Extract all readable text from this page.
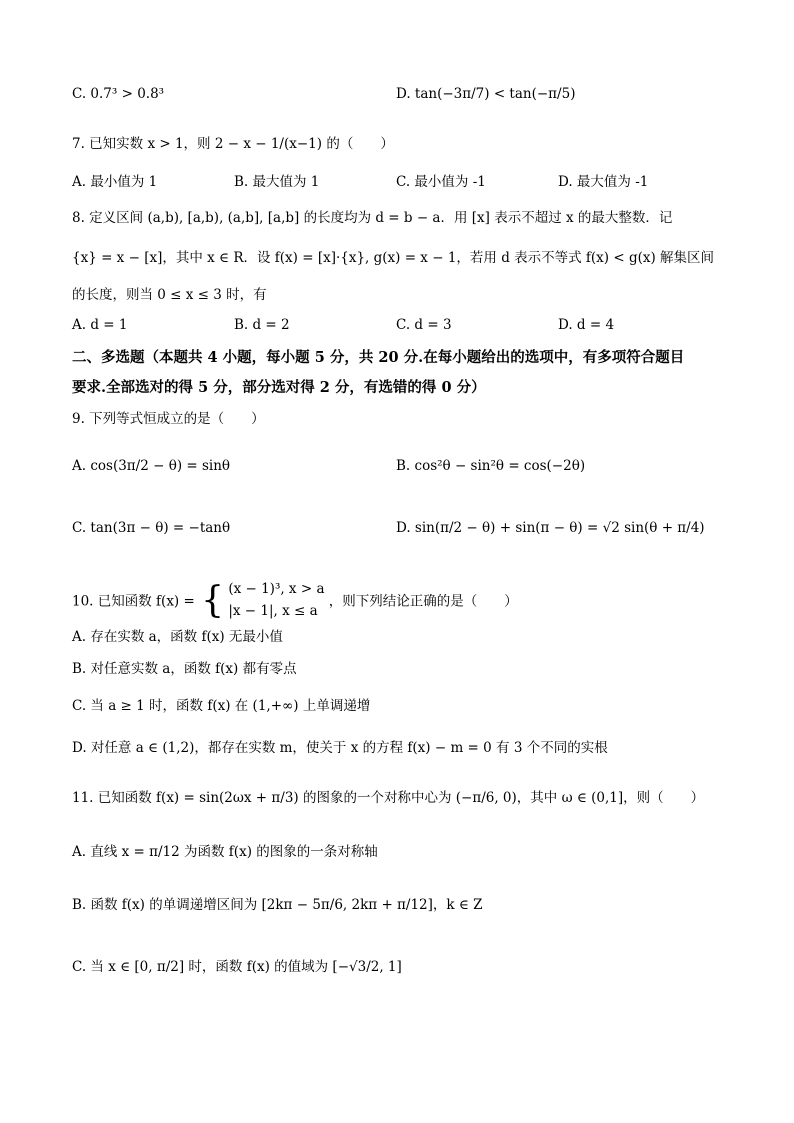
C. 0.7³ > 0.8³	D. tan(−3π/7) < tan(−π/5)
7. 已知实数 x > 1，则 2 − x − 1/(x−1) 的（　　）
A. 最小值为 1	B. 最大值为 1	C. 最小值为 -1	D. 最大值为 -1
8. 定义区间 (a,b), [a,b), (a,b], [a,b] 的长度均为 d = b − a．用 [x] 表示不超过 x 的最大整数．记
{x} = x − [x]，其中 x ∈ R．设 f(x) = [x]·{x}, g(x) = x − 1，若用 d 表示不等式 f(x) < g(x) 解集区间
的长度，则当 0 ≤ x ≤ 3 时，有
A. d = 1	B. d = 2	C. d = 3	D. d = 4
二、多选题（本题共 4 小题，每小题 5 分，共 20 分.在每小题给出的选项中，有多项符合题目
要求.全部选对的得 5 分，部分选对得 2 分，有选错的得 0 分）
9. 下列等式恒成立的是（　　）
A. cos(3π/2 − θ) = sinθ	B. cos²θ − sin²θ = cos(−2θ)
C. tan(3π − θ) = −tanθ	D. sin(π/2 − θ) + sin(π − θ) = √2 sin(θ + π/4)
10. 已知函数 f(x) = { (x − 1)³, x > a
|x − 1|, x ≤ a
，则下列结论正确的是（　　）
A. 存在实数 a，函数 f(x) 无最小值
B. 对任意实数 a，函数 f(x) 都有零点
C. 当 a ≥ 1 时，函数 f(x) 在 (1,+∞) 上单调递增
D. 对任意 a ∈ (1,2)，都存在实数 m，使关于 x 的方程 f(x) − m = 0 有 3 个不同的实根
11. 已知函数 f(x) = sin(2ωx + π/3) 的图象的一个对称中心为 (−π/6, 0)，其中 ω ∈ (0,1]，则（　　）
A. 直线 x = π/12 为函数 f(x) 的图象的一条对称轴
B. 函数 f(x) 的单调递增区间为 [2kπ − 5π/6, 2kπ + π/12]，k ∈ Z
C. 当 x ∈ [0, π/2] 时，函数 f(x) 的值域为 [−√3/2, 1]
